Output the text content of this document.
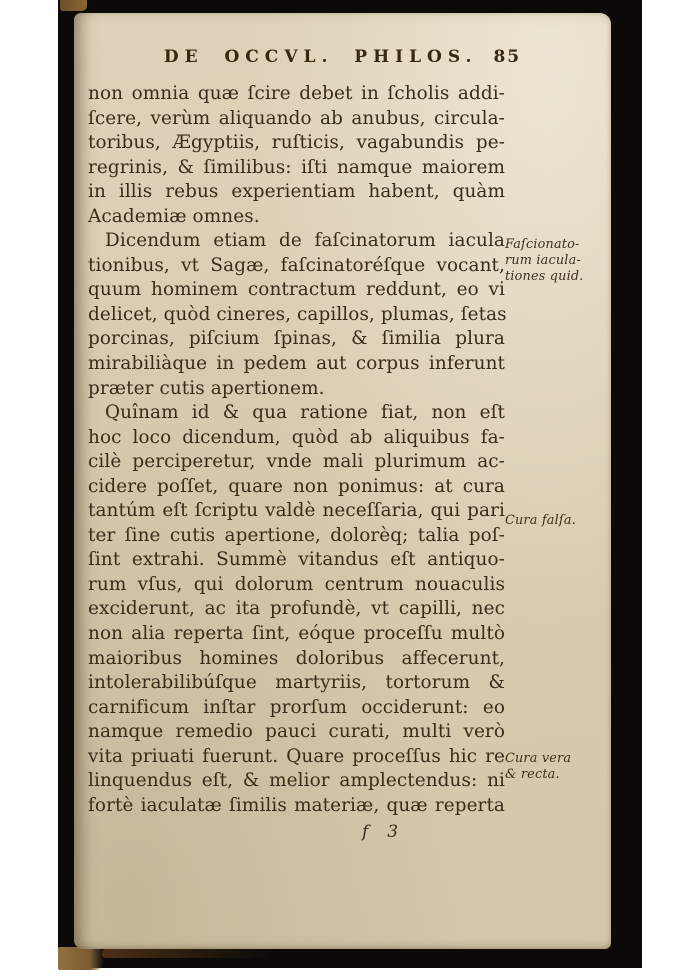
DE OCCVL. PHILOS. 85
non omnia quæ ſcire debet in ſcholis addi-
ſcere, verùm aliquando ab anubus, circula-
toribus, Ægyptiis, ruſticis, vagabundis pe-
regrinis, & ſimilibus: iſti namque maiorem
in illis rebus experientiam habent, quàm
Academiæ omnes.
Dicendum etiam de faſcinatorum iacula
tionibus, vt Sagæ, faſcinatoréſque vocant,
quum hominem contractum reddunt, eo vi
delicet, quòd cineres, capillos, plumas, ſetas
porcinas, piſcium ſpinas, & ſimilia plura
mirabiliàque in pedem aut corpus inferunt
præter cutis apertionem.
Quînam id & qua ratione fiat, non eſt
hoc loco dicendum, quòd ab aliquibus fa-
cilè perciperetur, vnde mali plurimum ac-
cidere poſſet, quare non ponimus: at cura
tantúm eſt ſcriptu valdè neceſſaria, qui pari
ter ſine cutis apertione, dolorèq; talia poſ-
ſint extrahi. Summè vitandus eſt antiquo-
rum vſus, qui dolorum centrum nouaculis
exciderunt, ac ita profundè, vt capilli, nec
non alia reperta ſint, eóque proceſſu multò
maioribus homines doloribus affecerunt,
intolerabilibúſque martyriis, tortorum &
carnificum inſtar prorſum occiderunt: eo
namque remedio pauci curati, multi verò
vita priuati fuerunt. Quare proceſſus hic re
linquendus eſt, & melior amplectendus: ni
fortè iaculatæ ſimilis materiæ, quæ reperta
Faſcionato-
rum iacula-
tiones quid.
Cura falſa.
Cura vera
& recta.
f 3
